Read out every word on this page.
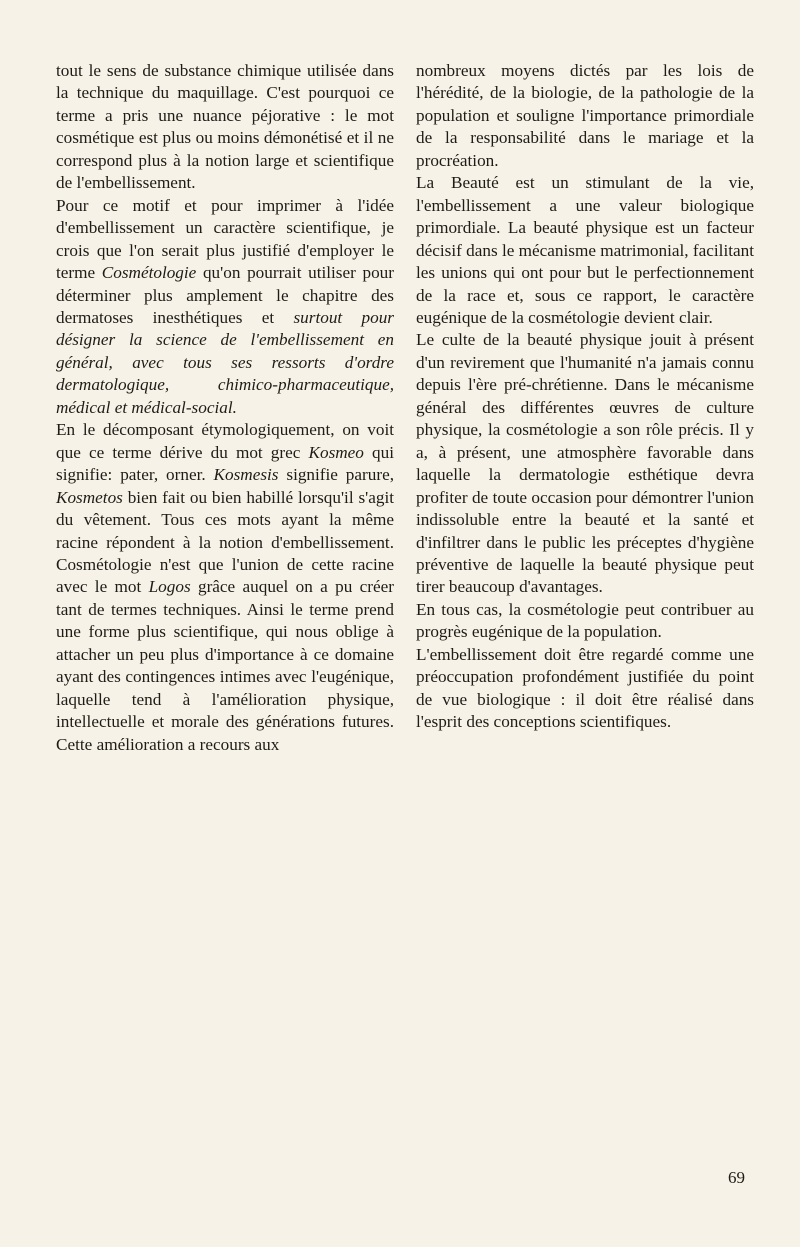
tout le sens de substance chimique utilisée dans la technique du maquillage. C'est pourquoi ce terme a pris une nuance péjorative : le mot cosmétique est plus ou moins démonétisé et il ne correspond plus à la notion large et scientifique de l'embellissement.

Pour ce motif et pour imprimer à l'idée d'embellissement un caractère scientifique, je crois que l'on serait plus justifié d'employer le terme Cosmétologie qu'on pourrait utiliser pour déterminer plus amplement le chapitre des dermatoses inesthétiques et surtout pour désigner la science de l'embellissement en général, avec tous ses ressorts d'ordre dermatologique, chimico-pharmaceutique, médical et médical-social.

En le décomposant étymologiquement, on voit que ce terme dérive du mot grec Kosmeo qui signifie: pater, orner. Kosmesis signifie parure, Kosmetos bien fait ou bien habillé lorsqu'il s'agit du vêtement. Tous ces mots ayant la même racine répondent à la notion d'embellissement. Cosmétologie n'est que l'union de cette racine avec le mot Logos grâce auquel on a pu créer tant de termes techniques. Ainsi le terme prend une forme plus scientifique, qui nous oblige à attacher un peu plus d'importance à ce domaine ayant des contingences intimes avec l'eugénique, laquelle tend à l'amélioration physique, intellectuelle et morale des générations futures. Cette amélioration a recours aux

nombreux moyens dictés par les lois de l'hérédité, de la biologie, de la pathologie de la population et souligne l'importance primordiale de la responsabilité dans le mariage et la procréation.

La Beauté est un stimulant de la vie, l'embellissement a une valeur biologique primordiale. La beauté physique est un facteur décisif dans le mécanisme matrimonial, facilitant les unions qui ont pour but le perfectionnement de la race et, sous ce rapport, le caractère eugénique de la cosmétologie devient clair.

Le culte de la beauté physique jouit à présent d'un revirement que l'humanité n'a jamais connu depuis l'ère pré-chrétienne. Dans le mécanisme général des différentes œuvres de culture physique, la cosmétologie a son rôle précis. Il y a, à présent, une atmosphère favorable dans laquelle la dermatologie esthétique devra profiter de toute occasion pour démontrer l'union indissoluble entre la beauté et la santé et d'infiltrer dans le public les préceptes d'hygiène préventive de laquelle la beauté physique peut tirer beaucoup d'avantages.

En tous cas, la cosmétologie peut contribuer au progrès eugénique de la population.

L'embellissement doit être regardé comme une préoccupation profondément justifiée du point de vue biologique : il doit être réalisé dans l'esprit des conceptions scientifiques.

69
